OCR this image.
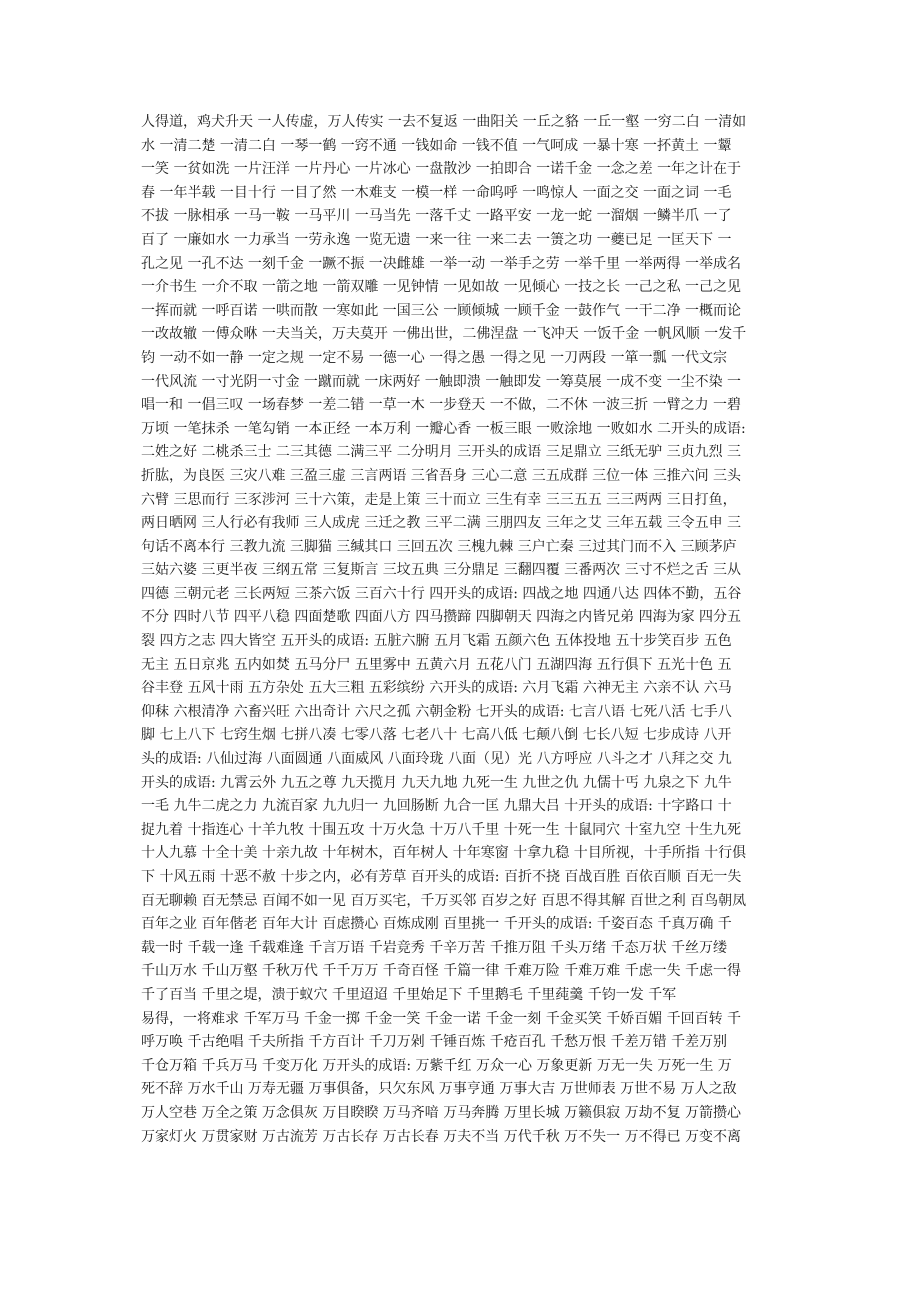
人得道，鸡犬升天 一人传虚，万人传实 一去不复返 一曲阳关 一丘之貉 一丘一壑 一穷二白 一清如
水 一清二楚 一清二白 一琴一鹤 一窍不通 一钱如命 一钱不值 一气呵成 一暴十寒 一抔黄土 一颦
一笑 一贫如洗 一片汪洋 一片丹心 一片冰心 一盘散沙 一拍即合 一诺千金 一念之差 一年之计在于
春 一年半载 一目十行 一目了然 一木难支 一模一样 一命呜呼 一鸣惊人 一面之交 一面之词 一毛
不拔 一脉相承 一马一鞍 一马平川 一马当先 一落千丈 一路平安 一龙一蛇 一溜烟 一鳞半爪 一了
百了 一廉如水 一力承当 一劳永逸 一览无遗 一来一往 一来二去 一箦之功 一夔已足 一匡天下 一
孔之见 一孔不达 一刻千金 一蹶不振 一决雌雄 一举一动 一举手之劳 一举千里 一举两得 一举成名
一介书生 一介不取 一箭之地 一箭双雕 一见钟情 一见如故 一见倾心 一技之长 一己之私 一己之见
一挥而就 一呼百诺 一哄而散 一寒如此 一国三公 一顾倾城 一顾千金 一鼓作气 一干二净 一概而论
一改故辙 一傅众咻 一夫当关，万夫莫开 一佛出世，二佛涅盘 一飞冲天 一饭千金 一帆风顺 一发千
钧 一动不如一静 一定之规 一定不易 一德一心 一得之愚 一得之见 一刀两段 一箪一瓢 一代文宗
一代风流 一寸光阴一寸金 一蹴而就 一床两好 一触即溃 一触即发 一筹莫展 一成不变 一尘不染 一
唱一和 一倡三叹 一场春梦 一差二错 一草一木 一步登天 一不做，二不休 一波三折 一臂之力 一碧
万顷 一笔抹杀 一笔勾销 一本正经 一本万利 一瓣心香 一板三眼 一败涂地 一败如水 二开头的成语:
二姓之好 二桃杀三士 二三其德 二满三平 二分明月 三开头的成语 三足鼎立 三纸无驴 三贞九烈 三
折肱，为良医 三灾八难 三盈三虚 三言两语 三省吾身 三心二意 三五成群 三位一体 三推六问 三头
六臂 三思而行 三豕涉河 三十六策，走是上策 三十而立 三生有幸 三三五五 三三两两 三日打鱼，
两日晒网 三人行必有我师 三人成虎 三迁之教 三平二满 三朋四友 三年之艾 三年五载 三令五申 三
句话不离本行 三教九流 三脚猫 三缄其口 三回五次 三槐九棘 三户亡秦 三过其门而不入 三顾茅庐
三姑六婆 三更半夜 三纲五常 三复斯言 三坟五典 三分鼎足 三翻四覆 三番两次 三寸不烂之舌 三从
四德 三朝元老 三长两短 三茶六饭 三百六十行 四开头的成语: 四战之地 四通八达 四体不勤，五谷
不分 四时八节 四平八稳 四面楚歌 四面八方 四马攒蹄 四脚朝天 四海之内皆兄弟 四海为家 四分五
裂 四方之志 四大皆空 五开头的成语: 五脏六腑 五月飞霜 五颜六色 五体投地 五十步笑百步 五色
无主 五日京兆 五内如焚 五马分尸 五里雾中 五黄六月 五花八门 五湖四海 五行俱下 五光十色 五
谷丰登 五风十雨 五方杂处 五大三粗 五彩缤纷 六开头的成语: 六月飞霜 六神无主 六亲不认 六马
仰秣 六根清净 六畜兴旺 六出奇计 六尺之孤 六朝金粉 七开头的成语: 七言八语 七死八活 七手八
脚 七上八下 七窍生烟 七拼八凑 七零八落 七老八十 七高八低 七颠八倒 七长八短 七步成诗 八开
头的成语: 八仙过海 八面圆通 八面威风 八面玲珑 八面（见）光 八方呼应 八斗之才 八拜之交 九
开头的成语: 九霄云外 九五之尊 九天揽月 九天九地 九死一生 九世之仇 九儒十丐 九泉之下 九牛
一毛 九牛二虎之力 九流百家 九九归一 九回肠断 九合一匡 九鼎大吕 十开头的成语: 十字路口 十
捉九着 十指连心 十羊九牧 十围五攻 十万火急 十万八千里 十死一生 十鼠同穴 十室九空 十生九死
十人九慕 十全十美 十亲九故 十年树木，百年树人 十年寒窗 十拿九稳 十目所视，十手所指 十行俱
下 十风五雨 十恶不赦 十步之内，必有芳草 百开头的成语: 百折不挠 百战百胜 百依百顺 百无一失
百无聊赖 百无禁忌 百闻不如一见 百万买宅，千万买邻 百岁之好 百思不得其解 百世之利 百鸟朝凤
百年之业 百年偕老 百年大计 百虑攒心 百炼成刚 百里挑一 千开头的成语: 千姿百态 千真万确 千
载一时 千载一逢 千载难逢 千言万语 千岩竞秀 千辛万苦 千推万阻 千头万绪 千态万状 千丝万缕
千山万水 千山万壑 千秋万代 千千万万 千奇百怪 千篇一律 千难万险 千难万难 千虑一失 千虑一得
千了百当 千里之堤，溃于蚁穴 千里迢迢 千里始足下 千里鹅毛 千里莼羹 千钧一发 千军
易得，一将难求 千军万马 千金一掷 千金一笑 千金一诺 千金一刻 千金买笑 千娇百媚 千回百转 千
呼万唤 千古绝唱 千夫所指 千方百计 千刀万剁 千锤百炼 千疮百孔 千愁万恨 千差万错 千差万别
千仓万箱 千兵万马 千变万化 万开头的成语: 万紫千红 万众一心 万象更新 万无一失 万死一生 万
死不辞 万水千山 万寿无疆 万事俱备，只欠东风 万事亨通 万事大吉 万世师表 万世不易 万人之敌
万人空巷 万全之策 万念俱灰 万目睽睽 万马齐喑 万马奔腾 万里长城 万籁俱寂 万劫不复 万箭攒心
万家灯火 万贯家财 万古流芳 万古长存 万古长春 万夫不当 万代千秋 万不失一 万不得已 万变不离
